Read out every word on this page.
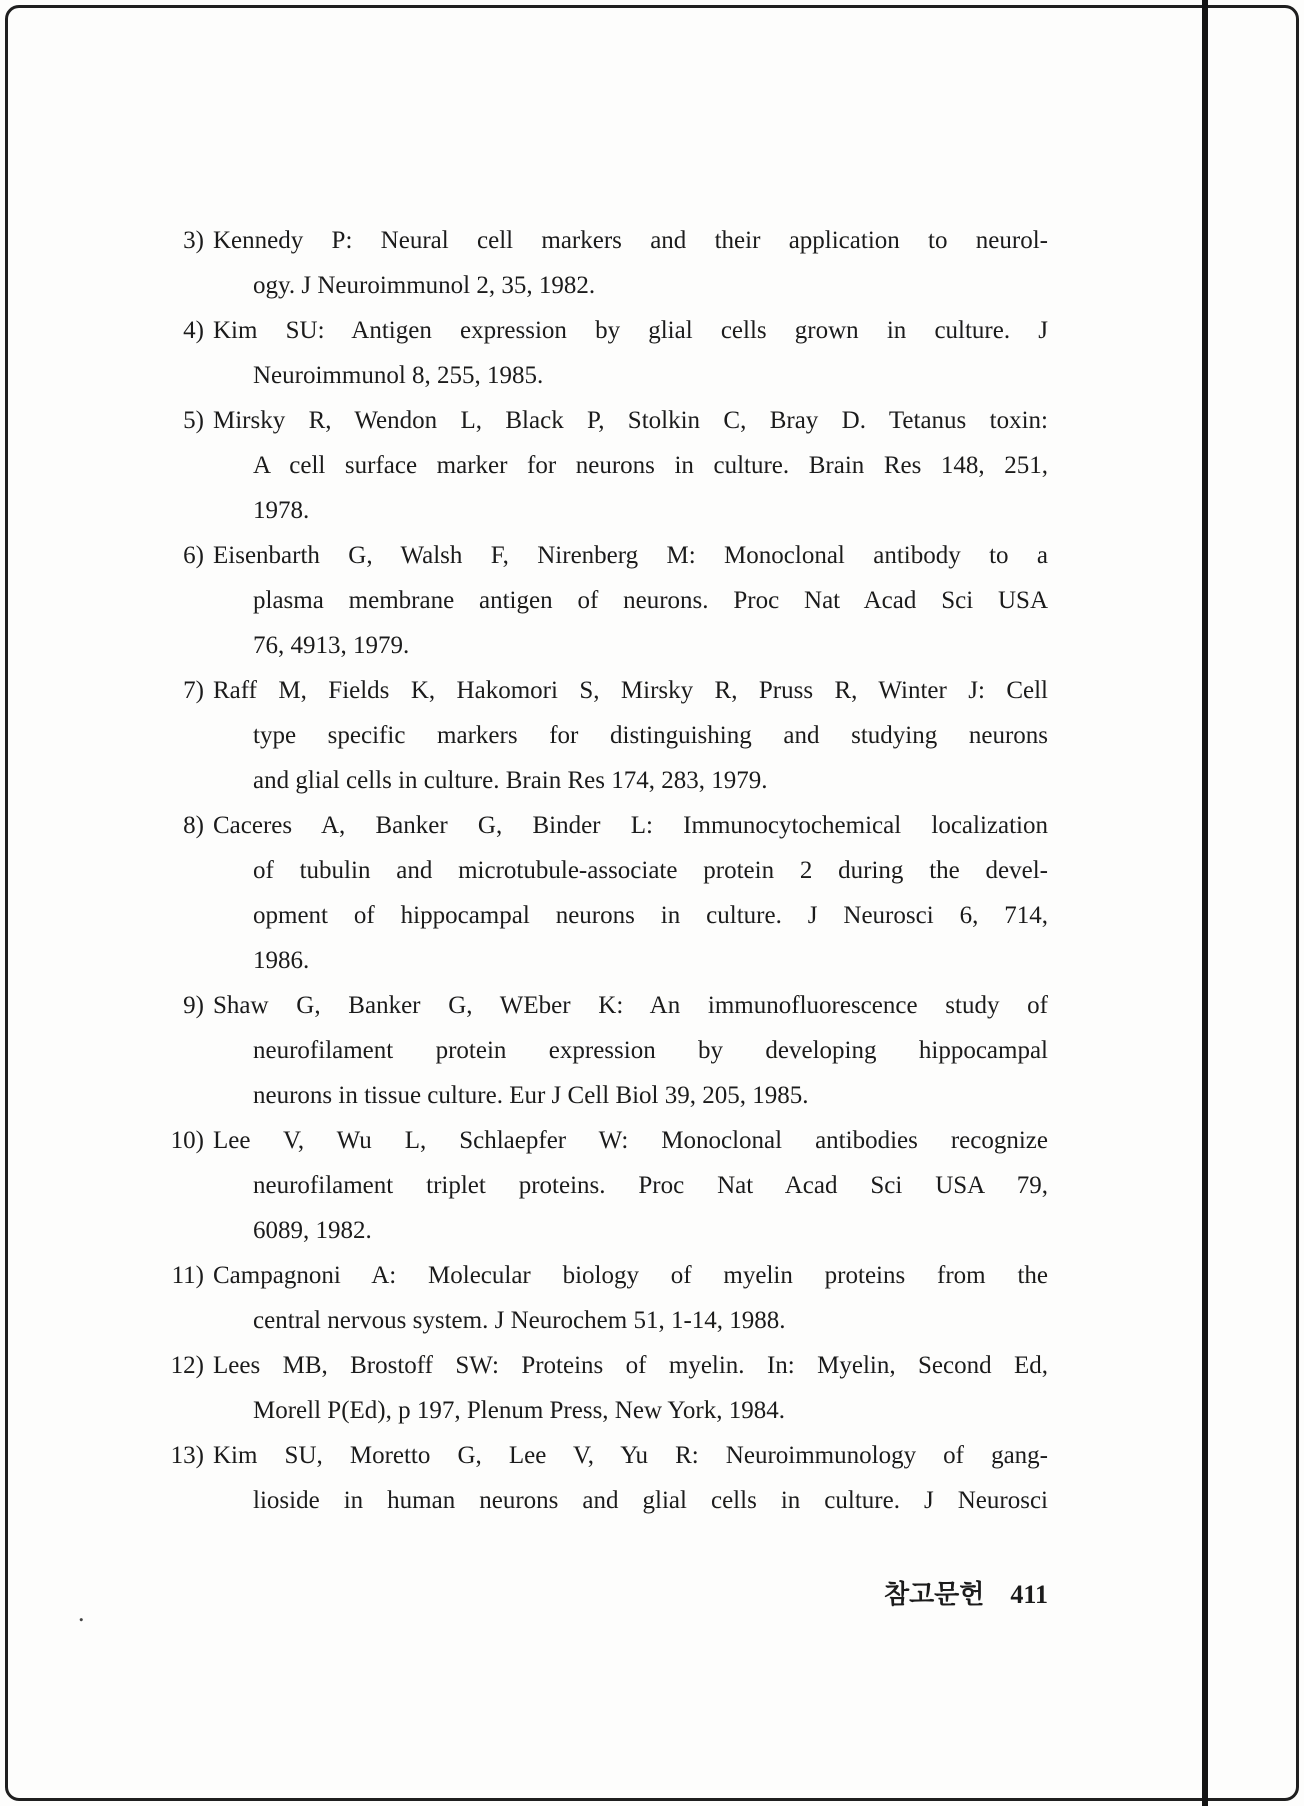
3) Kennedy P: Neural cell markers and their application to neurol-
ogy. J Neuroimmunol 2, 35, 1982.
4) Kim SU: Antigen expression by glial cells grown in culture. J
Neuroimmunol 8, 255, 1985.
5) Mirsky R, Wendon L, Black P, Stolkin C, Bray D. Tetanus toxin:
A cell surface marker for neurons in culture. Brain Res 148, 251,
1978.
6) Eisenbarth G, Walsh F, Nirenberg M: Monoclonal antibody to a
plasma membrane antigen of neurons. Proc Nat Acad Sci USA
76, 4913, 1979.
7) Raff M, Fields K, Hakomori S, Mirsky R, Pruss R, Winter J: Cell
type specific markers for distinguishing and studying neurons
and glial cells in culture. Brain Res 174, 283, 1979.
8) Caceres A, Banker G, Binder L: Immunocytochemical localization
of tubulin and microtubule-associate protein 2 during the devel-
opment of hippocampal neurons in culture. J Neurosci 6, 714,
1986.
9) Shaw G, Banker G, WEber K: An immunofluorescence study of
neurofilament protein expression by developing hippocampal
neurons in tissue culture. Eur J Cell Biol 39, 205, 1985.
10) Lee V, Wu L, Schlaepfer W: Monoclonal antibodies recognize
neurofilament triplet proteins. Proc Nat Acad Sci USA 79,
6089, 1982.
11) Campagnoni A: Molecular biology of myelin proteins from the
central nervous system. J Neurochem 51, 1-14, 1988.
12) Lees MB, Brostoff SW: Proteins of myelin. In: Myelin, Second Ed,
Morell P(Ed), p 197, Plenum Press, New York, 1984.
13) Kim SU, Moretto G, Lee V, Yu R: Neuroimmunology of gang-
lioside in human neurons and glial cells in culture. J Neurosci
참고문헌 411
.
